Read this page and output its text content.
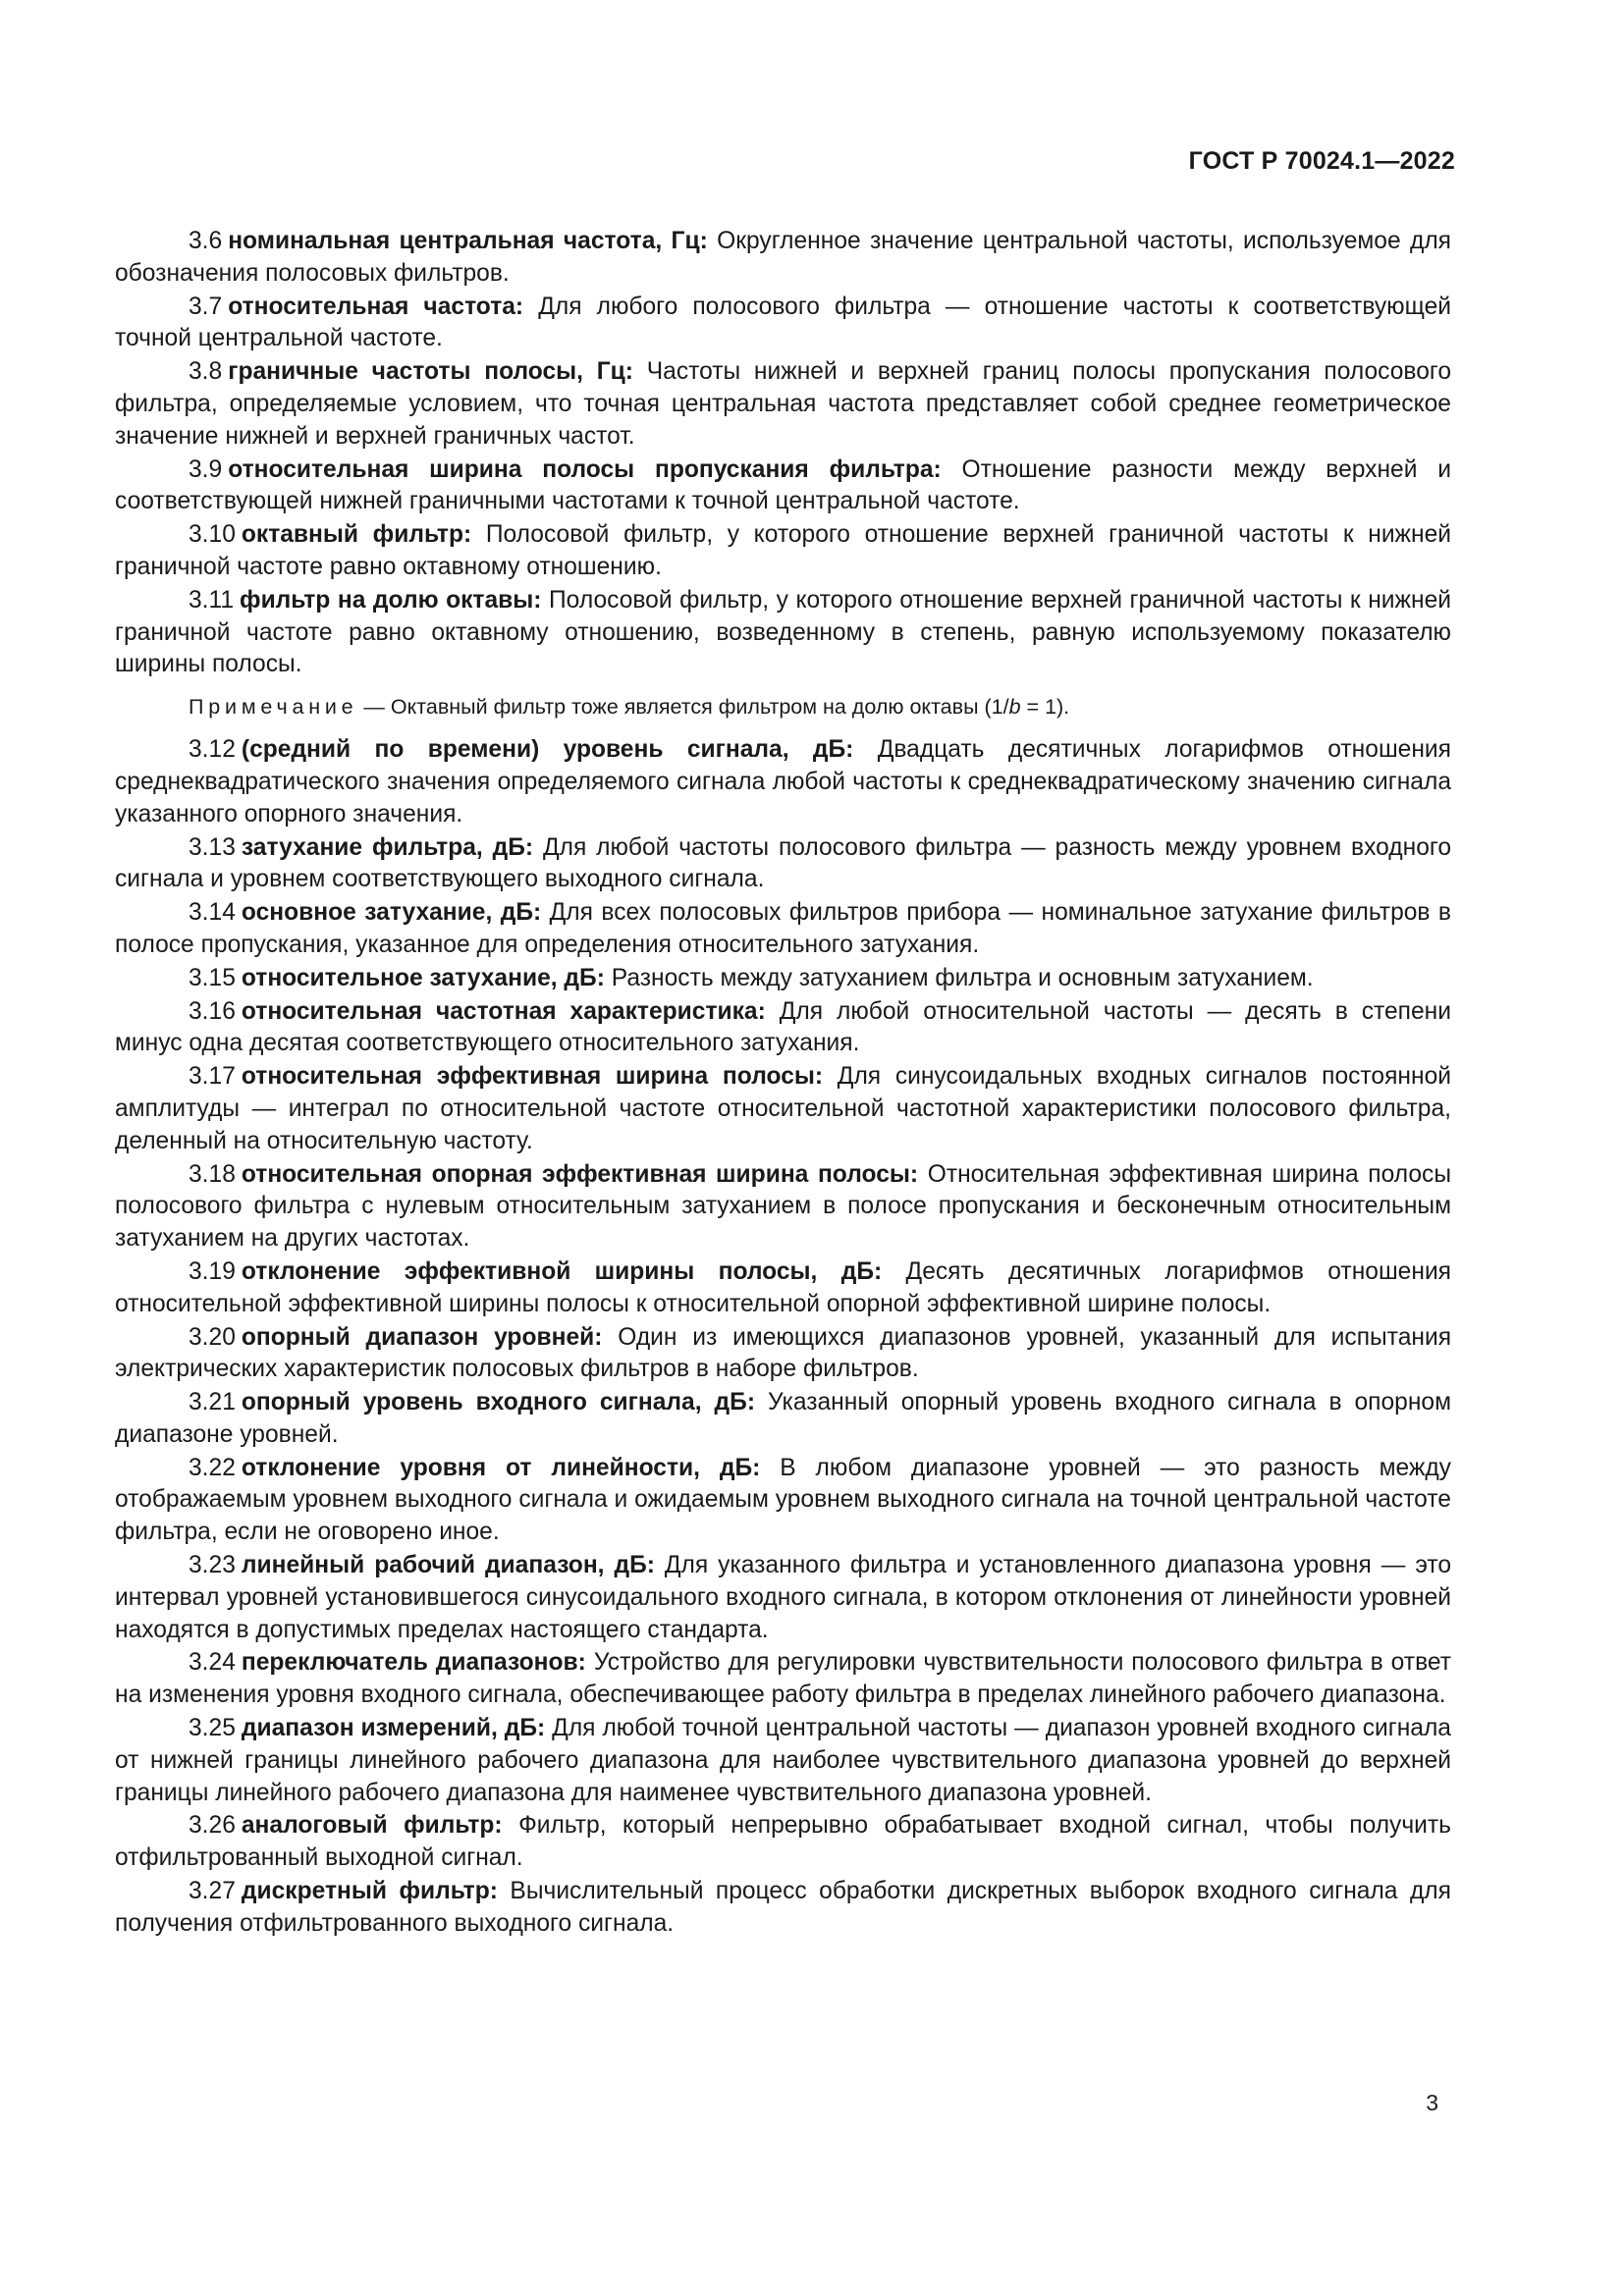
ГОСТ Р 70024.1—2022

3.6 номинальная центральная частота, Гц: Округленное значение центральной частоты, используемое для обозначения полосовых фильтров.

3.7 относительная частота: Для любого полосового фильтра — отношение частоты к соответствующей точной центральной частоте.

3.8 граничные частоты полосы, Гц: Частоты нижней и верхней границ полосы пропускания полосового фильтра, определяемые условием, что точная центральная частота представляет собой среднее геометрическое значение нижней и верхней граничных частот.

3.9 относительная ширина полосы пропускания фильтра: Отношение разности между верхней и соответствующей нижней граничными частотами к точной центральной частоте.

3.10 октавный фильтр: Полосовой фильтр, у которого отношение верхней граничной частоты к нижней граничной частоте равно октавному отношению.

3.11 фильтр на долю октавы: Полосовой фильтр, у которого отношение верхней граничной частоты к нижней граничной частоте равно октавному отношению, возведенному в степень, равную используемому показателю ширины полосы.

Примечание — Октавный фильтр тоже является фильтром на долю октавы (1/b = 1).

3.12 (средний по времени) уровень сигнала, дБ: Двадцать десятичных логарифмов отношения среднеквадратического значения определяемого сигнала любой частоты к среднеквадратическому значению сигнала указанного опорного значения.

3.13 затухание фильтра, дБ: Для любой частоты полосового фильтра — разность между уровнем входного сигнала и уровнем соответствующего выходного сигнала.

3.14 основное затухание, дБ: Для всех полосовых фильтров прибора — номинальное затухание фильтров в полосе пропускания, указанное для определения относительного затухания.

3.15 относительное затухание, дБ: Разность между затуханием фильтра и основным затуханием.

3.16 относительная частотная характеристика: Для любой относительной частоты — десять в степени минус одна десятая соответствующего относительного затухания.

3.17 относительная эффективная ширина полосы: Для синусоидальных входных сигналов постоянной амплитуды — интеграл по относительной частоте относительной частотной характеристики полосового фильтра, деленный на относительную частоту.

3.18 относительная опорная эффективная ширина полосы: Относительная эффективная ширина полосы полосового фильтра с нулевым относительным затуханием в полосе пропускания и бесконечным относительным затуханием на других частотах.

3.19 отклонение эффективной ширины полосы, дБ: Десять десятичных логарифмов отношения относительной эффективной ширины полосы к относительной опорной эффективной ширине полосы.

3.20 опорный диапазон уровней: Один из имеющихся диапазонов уровней, указанный для испытания электрических характеристик полосовых фильтров в наборе фильтров.

3.21 опорный уровень входного сигнала, дБ: Указанный опорный уровень входного сигнала в опорном диапазоне уровней.

3.22 отклонение уровня от линейности, дБ: В любом диапазоне уровней — это разность между отображаемым уровнем выходного сигнала и ожидаемым уровнем выходного сигнала на точной центральной частоте фильтра, если не оговорено иное.

3.23 линейный рабочий диапазон, дБ: Для указанного фильтра и установленного диапазона уровня — это интервал уровней установившегося синусоидального входного сигнала, в котором отклонения от линейности уровней находятся в допустимых пределах настоящего стандарта.

3.24 переключатель диапазонов: Устройство для регулировки чувствительности полосового фильтра в ответ на изменения уровня входного сигнала, обеспечивающее работу фильтра в пределах линейного рабочего диапазона.

3.25 диапазон измерений, дБ: Для любой точной центральной частоты — диапазон уровней входного сигнала от нижней границы линейного рабочего диапазона для наиболее чувствительного диапазона уровней до верхней границы линейного рабочего диапазона для наименее чувствительного диапазона уровней.

3.26 аналоговый фильтр: Фильтр, который непрерывно обрабатывает входной сигнал, чтобы получить отфильтрованный выходной сигнал.

3.27 дискретный фильтр: Вычислительный процесс обработки дискретных выборок входного сигнала для получения отфильтрованного выходного сигнала.

3
